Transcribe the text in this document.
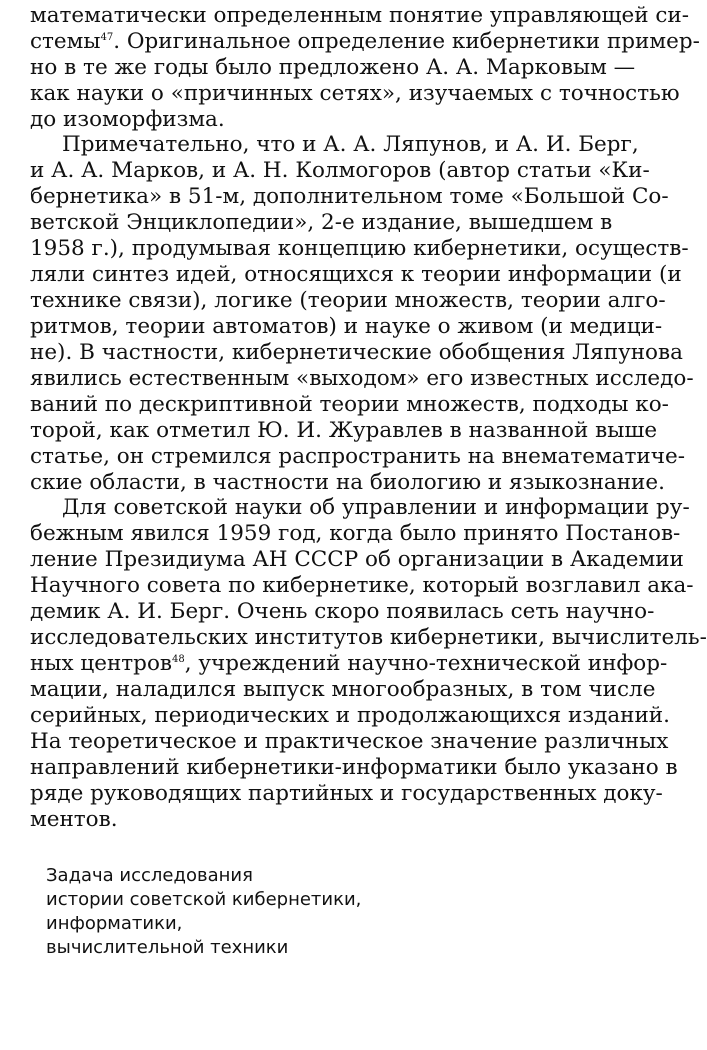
математически определенным понятие управляющей си-
стемы$^{47}$. Оригинальное определение кибернетики пример-
но в те же годы было предложено А. А. Марковым —
как науки о «причинных сетях», изучаемых с точностью
до изоморфизма.
Примечательно, что и А. А. Ляпунов, и А. И. Берг,
и А. А. Марков, и А. Н. Колмогоров (автор статьи «Ки-
бернетика» в 51-м, дополнительном томе «Большой Со-
ветской Энциклопедии», 2-е издание, вышедшем в
1958 г.), продумывая концепцию кибернетики, осуществ-
ляли синтез идей, относящихся к теории информации (и
технике связи), логике (теории множеств, теории алго-
ритмов, теории автоматов) и науке о живом (и медици-
не). В частности, кибернетические обобщения Ляпунова
явились естественным «выходом» его известных исследо-
ваний по дескриптивной теории множеств, подходы ко-
торой, как отметил Ю. И. Журавлев в названной выше
статье, он стремился распространить на внематематиче-
ские области, в частности на биологию и языкознание.
Для советской науки об управлении и информации ру-
бежным явился 1959 год, когда было принято Постанов-
ление Президиума АН СССР об организации в Академии
Научного совета по кибернетике, который возглавил ака-
демик А. И. Берг. Очень скоро появилась сеть научно-
исследовательских институтов кибернетики, вычислитель-
ных центров$^{48}$, учреждений научно-технической инфор-
мации, наладился выпуск многообразных, в том числе
серийных, периодических и продолжающихся изданий.
На теоретическое и практическое значение различных
направлений кибернетики-информатики было указано в
ряде руководящих партийных и государственных доку-
ментов.
Задача исследования
истории советской кибернетики,
информатики,
вычислительной техники
